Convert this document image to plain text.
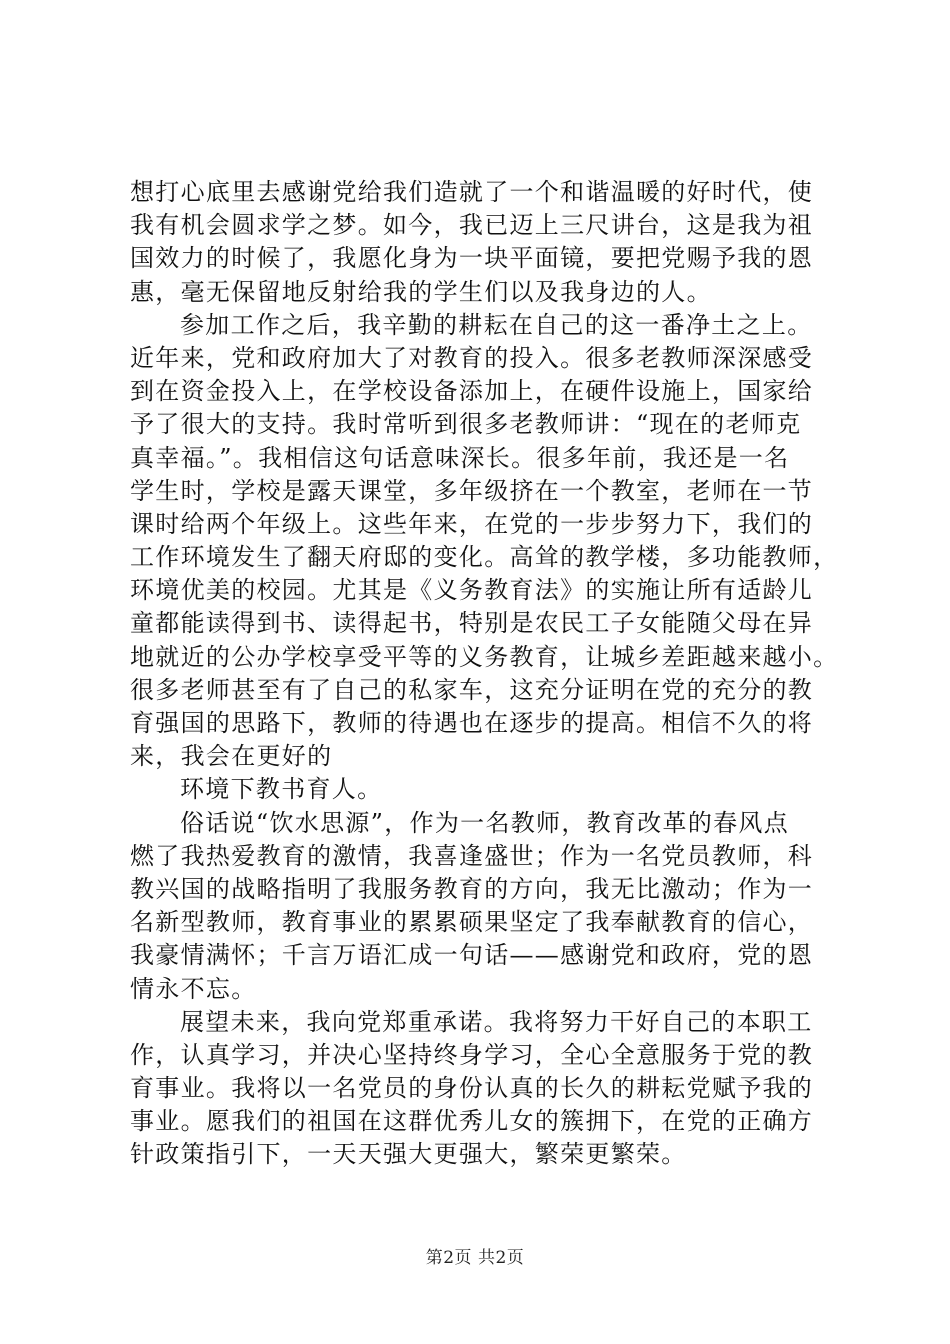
想打心底里去感谢党给我们造就了一个和谐温暖的好时代，使
我有机会圆求学之梦。如今，我已迈上三尺讲台，这是我为祖
国效力的时候了，我愿化身为一块平面镜，要把党赐予我的恩
惠，毫无保留地反射给我的学生们以及我身边的人。
参加工作之后，我辛勤的耕耘在自己的这一番净土之上。
近年来，党和政府加大了对教育的投入。很多老教师深深感受
到在资金投入上，在学校设备添加上，在硬件设施上，国家给
予了很大的支持。我时常听到很多老教师讲：“现在的老师克
真幸福。”。我相信这句话意味深长。很多年前，我还是一名
学生时，学校是露天课堂，多年级挤在一个教室，老师在一节
课时给两个年级上。这些年来，在党的一步步努力下，我们的
工作环境发生了翻天府邸的变化。高耸的教学楼，多功能教师，
环境优美的校园。尤其是《义务教育法》的实施让所有适龄儿
童都能读得到书、读得起书，特别是农民工子女能随父母在异
地就近的公办学校享受平等的义务教育，让城乡差距越来越小。
很多老师甚至有了自己的私家车，这充分证明在党的充分的教
育强国的思路下，教师的待遇也在逐步的提高。相信不久的将
来，我会在更好的
环境下教书育人。
俗话说“饮水思源”，作为一名教师，教育改革的春风点
燃了我热爱教育的激情，我喜逢盛世；作为一名党员教师，科
教兴国的战略指明了我服务教育的方向，我无比激动；作为一
名新型教师，教育事业的累累硕果坚定了我奉献教育的信心，
我豪情满怀；千言万语汇成一句话——感谢党和政府，党的恩
情永不忘。
展望未来，我向党郑重承诺。我将努力干好自己的本职工
作，认真学习，并决心坚持终身学习，全心全意服务于党的教
育事业。我将以一名党员的身份认真的长久的耕耘党赋予我的
事业。愿我们的祖国在这群优秀儿女的簇拥下，在党的正确方
针政策指引下，一天天强大更强大，繁荣更繁荣。
第2页 共2页
